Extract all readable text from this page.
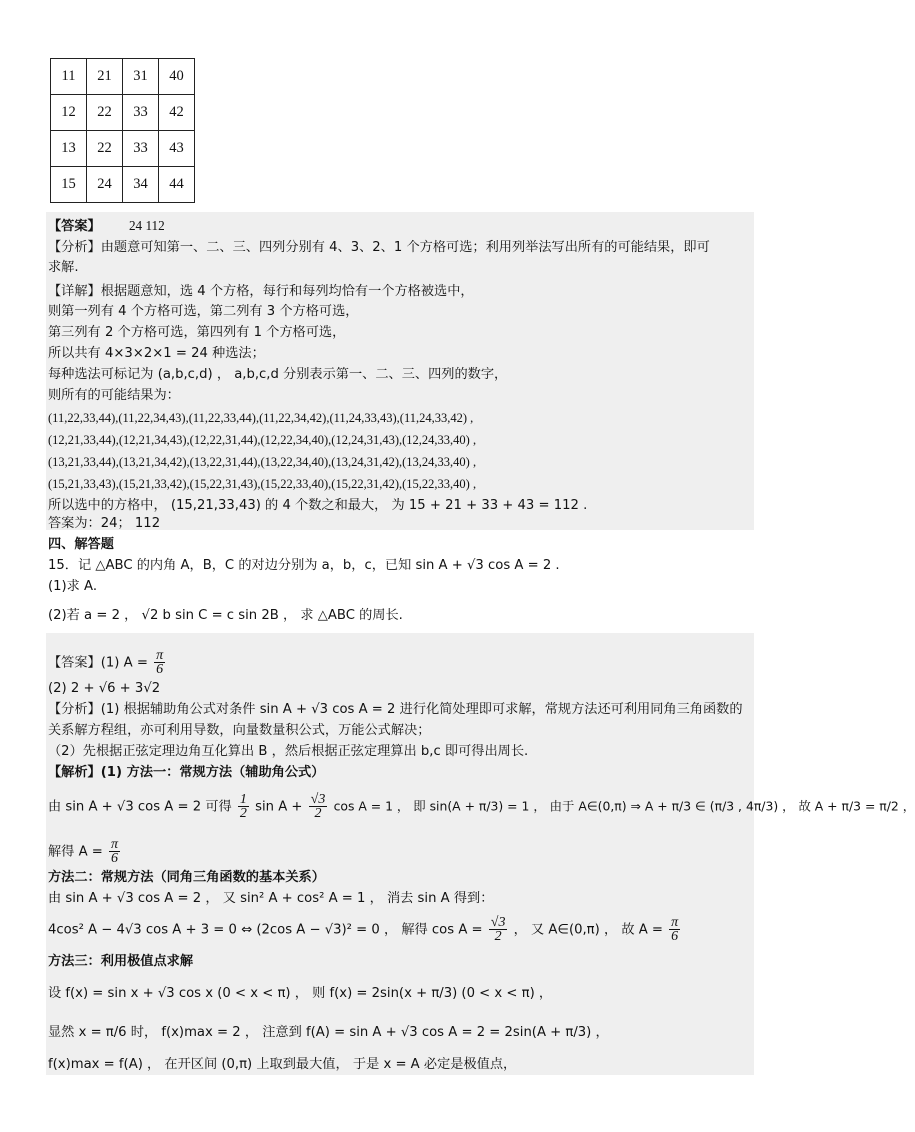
11	21	31	40
12	22	33	42
13	22	33	43
15	24	34	44
【答案】 24 112
【分析】由题意可知第一、二、三、四列分别有 4、3、2、1 个方格可选；利用列举法写出所有的可能结果，即可
求解.
【详解】根据题意知，选 4 个方格，每行和每列均恰有一个方格被选中，
则第一列有 4 个方格可选，第二列有 3 个方格可选，
第三列有 2 个方格可选，第四列有 1 个方格可选，
所以共有 4×3×2×1 = 24 种选法；
每种选法可标记为 (a,b,c,d) ， a,b,c,d 分别表示第一、二、三、四列的数字，
则所有的可能结果为：
(11,22,33,44),(11,22,34,43),(11,22,33,44),(11,22,34,42),(11,24,33,43),(11,24,33,42) ,
(12,21,33,44),(12,21,34,43),(12,22,31,44),(12,22,34,40),(12,24,31,43),(12,24,33,40) ,
(13,21,33,44),(13,21,34,42),(13,22,31,44),(13,22,34,40),(13,24,31,42),(13,24,33,40) ,
(15,21,33,43),(15,21,33,42),(15,22,31,43),(15,22,33,40),(15,22,31,42),(15,22,33,40) ,
所以选中的方格中， (15,21,33,43) 的 4 个数之和最大， 为 15 + 21 + 33 + 43 = 112 .
答案为：24； 112
四、解答题
15．记 △ABC 的内角 A，B，C 的对边分别为 a，b，c，已知 sin A + √3 cos A = 2 .
(1)求 A.
(2)若 a = 2 ， √2 b sin C = c sin 2B ， 求 △ABC 的周长.
【答案】(1) $A = \frac{\pi}{6}$
(2) 2 + √6 + 3√2
【分析】(1) 根据辅助角公式对条件 sin A + √3 cos A = 2 进行化简处理即可求解，常规方法还可利用同角三角函数的
关系解方程组，亦可利用导数，向量数量积公式，万能公式解决；
（2）先根据正弦定理边角互化算出 B ，然后根据正弦定理算出 b,c 即可得出周长.
【解析】(1) 方法一：常规方法（辅助角公式）
由 sin A + √3 cos A = 2 可得 $\frac{1}{2}$ $\sin A + \frac{√3}{2}$ cos A = 1 ， 即 sin(A + π/3) = 1 ， 由于 A∈(0,π) ⇒ A + π/3 ∈ (π/3 , 4π/3) ， 故 A + π/3 = π/2 ，
解得 $A = \frac{\pi}{6}$
方法二：常规方法（同角三角函数的基本关系）
由 sin A + √3 cos A = 2 ， 又 sin² A + cos² A = 1 ， 消去 sin A 得到：
4cos² A − 4√3 cos A + 3 = 0 ⇔ (2cos A − √3)² = 0 ， 解得 $\cos A = \frac{√3}{2}$ ， 又 A∈(0,π) ， 故 $A = \frac{\pi}{6}$
方法三：利用极值点求解
设 f(x) = sin x + √3 cos x (0 < x < π) ， 则 f(x) = 2sin(x + π/3) (0 < x < π) ，
显然 x = π/6 时， f(x)max = 2 ， 注意到 f(A) = sin A + √3 cos A = 2 = 2sin(A + π/3) ，
f(x)max = f(A) ， 在开区间 (0,π) 上取到最大值， 于是 x = A 必定是极值点，
